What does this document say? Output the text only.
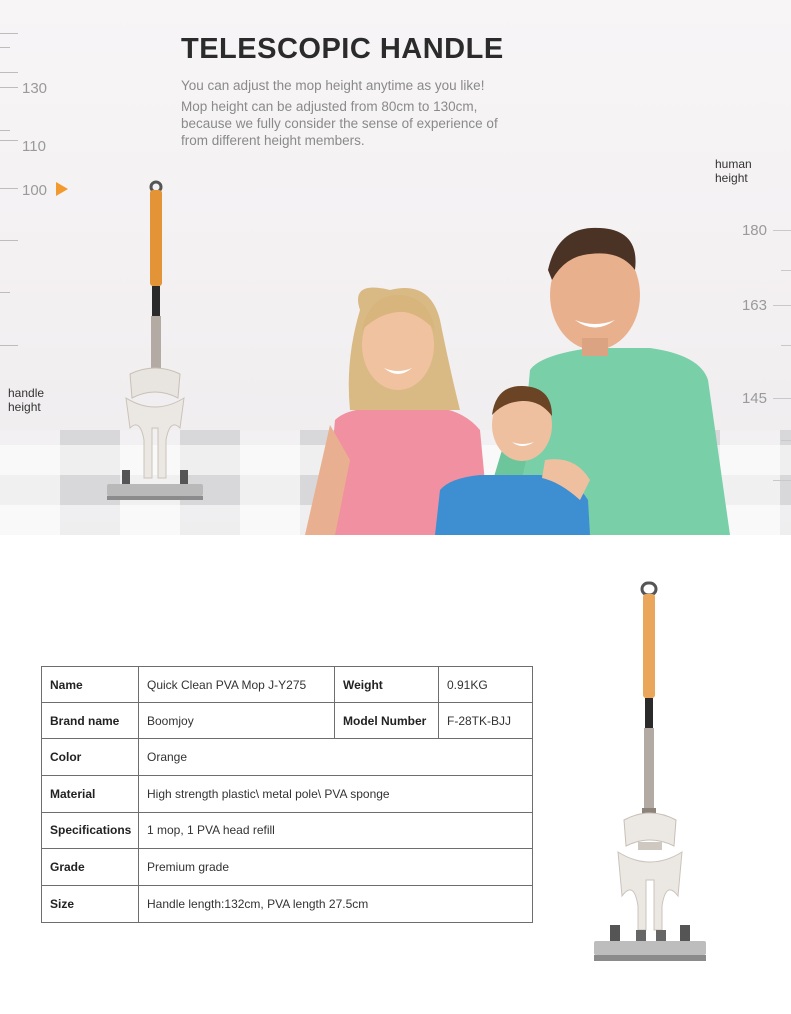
130
110
100
handle height
180
163
145
human height
TELESCOPIC HANDLE

You can adjust the mop height anytime as you like!

Mop height can be adjusted from 80cm to 130cm, because we fully consider the sense of experience of from different height members.

Name	Quick Clean PVA Mop J-Y275	Weight	0.91KG
Brand name	Boomjoy	Model Number	F-28TK-BJJ
Color	Orange		
Material	High strength plastic\ metal pole\ PVA sponge		
Specifications	1 mop, 1 PVA head refill		
Grade	Premium grade		
Size	Handle length:132cm, PVA length 27.5cm		
